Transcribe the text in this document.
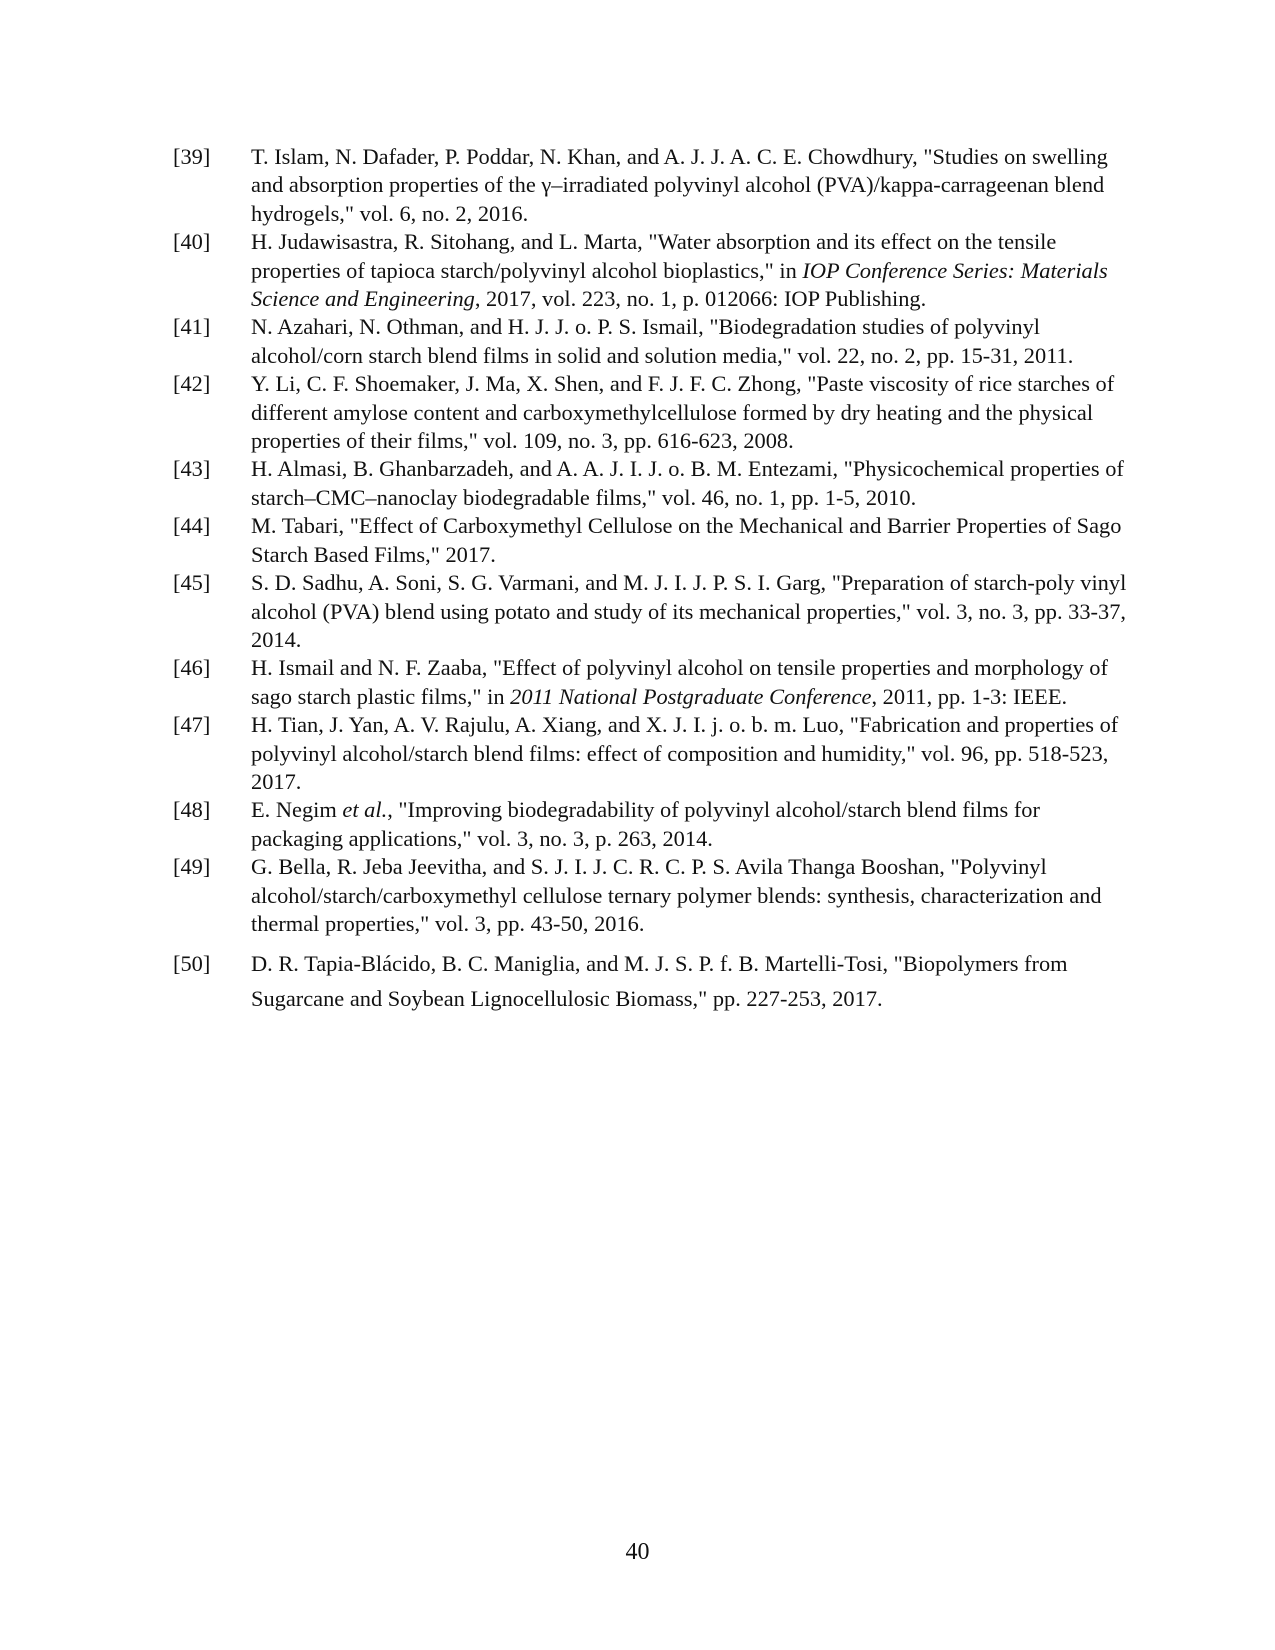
[39]	T. Islam, N. Dafader, P. Poddar, N. Khan, and A. J. J. A. C. E. Chowdhury, "Studies on swelling and absorption properties of the γ–irradiated polyvinyl alcohol (PVA)/kappa-carrageenan blend hydrogels," vol. 6, no. 2, 2016.
[40]	H. Judawisastra, R. Sitohang, and L. Marta, "Water absorption and its effect on the tensile properties of tapioca starch/polyvinyl alcohol bioplastics," in IOP Conference Series: Materials Science and Engineering, 2017, vol. 223, no. 1, p. 012066: IOP Publishing.
[41]	N. Azahari, N. Othman, and H. J. J. o. P. S. Ismail, "Biodegradation studies of polyvinyl alcohol/corn starch blend films in solid and solution media," vol. 22, no. 2, pp. 15-31, 2011.
[42]	Y. Li, C. F. Shoemaker, J. Ma, X. Shen, and F. J. F. C. Zhong, "Paste viscosity of rice starches of different amylose content and carboxymethylcellulose formed by dry heating and the physical properties of their films," vol. 109, no. 3, pp. 616-623, 2008.
[43]	H. Almasi, B. Ghanbarzadeh, and A. A. J. I. J. o. B. M. Entezami, "Physicochemical properties of starch–CMC–nanoclay biodegradable films," vol. 46, no. 1, pp. 1-5, 2010.
[44]	M. Tabari, "Effect of Carboxymethyl Cellulose on the Mechanical and Barrier Properties of Sago Starch Based Films," 2017.
[45]	S. D. Sadhu, A. Soni, S. G. Varmani, and M. J. I. J. P. S. I. Garg, "Preparation of starch-poly vinyl alcohol (PVA) blend using potato and study of its mechanical properties," vol. 3, no. 3, pp. 33-37, 2014.
[46]	H. Ismail and N. F. Zaaba, "Effect of polyvinyl alcohol on tensile properties and morphology of sago starch plastic films," in 2011 National Postgraduate Conference, 2011, pp. 1-3: IEEE.
[47]	H. Tian, J. Yan, A. V. Rajulu, A. Xiang, and X. J. I. j. o. b. m. Luo, "Fabrication and properties of polyvinyl alcohol/starch blend films: effect of composition and humidity," vol. 96, pp. 518-523, 2017.
[48]	E. Negim et al., "Improving biodegradability of polyvinyl alcohol/starch blend films for packaging applications," vol. 3, no. 3, p. 263, 2014.
[49]	G. Bella, R. Jeba Jeevitha, and S. J. I. J. C. R. C. P. S. Avila Thanga Booshan, "Polyvinyl alcohol/starch/carboxymethyl cellulose ternary polymer blends: synthesis, characterization and thermal properties," vol. 3, pp. 43-50, 2016.
[50]	D. R. Tapia‐Blácido, B. C. Maniglia, and M. J. S. P. f. B. Martelli‐Tosi, "Biopolymers from Sugarcane and Soybean Lignocellulosic Biomass," pp. 227-253, 2017.
40
